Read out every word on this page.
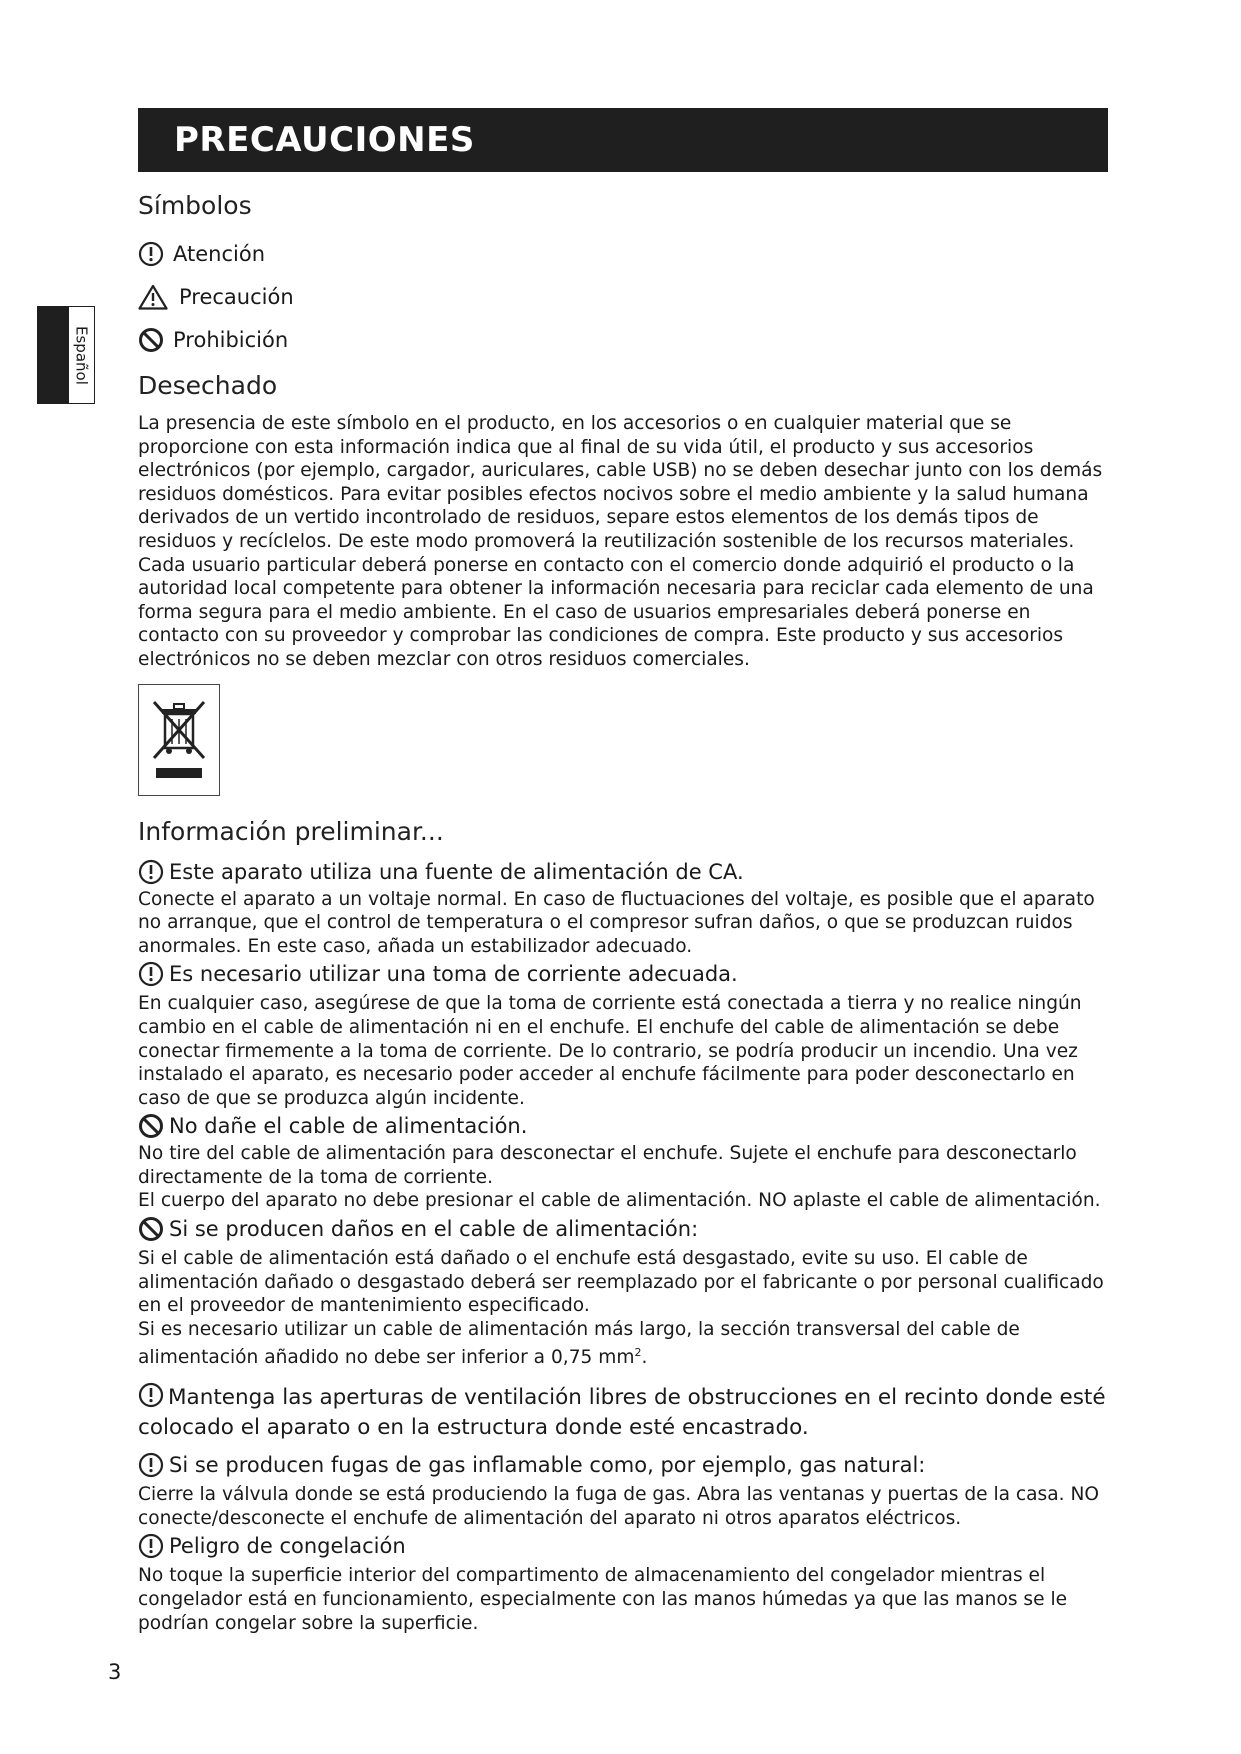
PRECAUCIONES
Español
Símbolos
Atención
Precaución
Prohibición
Desechado

La presencia de este símbolo en el producto, en los accesorios o en cualquier material que se proporcione con esta información indica que al final de su vida útil, el producto y sus accesorios electrónicos (por ejemplo, cargador, auriculares, cable USB) no se deben desechar junto con los demás residuos domésticos. Para evitar posibles efectos nocivos sobre el medio ambiente y la salud humana derivados de un vertido incontrolado de residuos, separe estos elementos de los demás tipos de residuos y recíclelos. De este modo promoverá la reutilización sostenible de los recursos materiales.

Cada usuario particular deberá ponerse en contacto con el comercio donde adquirió el producto o la autoridad local competente para obtener la información necesaria para reciclar cada elemento de una forma segura para el medio ambiente. En el caso de usuarios empresariales deberá ponerse en contacto con su proveedor y comprobar las condiciones de compra. Este producto y sus accesorios electrónicos no se deben mezclar con otros residuos comerciales.

Información preliminar...
Este aparato utiliza una fuente de alimentación de CA.

Conecte el aparato a un voltaje normal. En caso de fluctuaciones del voltaje, es posible que el aparato no arranque, que el control de temperatura o el compresor sufran daños, o que se produzcan ruidos anormales. En este caso, añada un estabilizador adecuado.

Es necesario utilizar una toma de corriente adecuada.

En cualquier caso, asegúrese de que la toma de corriente está conectada a tierra y no realice ningún cambio en el cable de alimentación ni en el enchufe. El enchufe del cable de alimentación se debe conectar firmemente a la toma de corriente. De lo contrario, se podría producir un incendio. Una vez instalado el aparato, es necesario poder acceder al enchufe fácilmente para poder desconectarlo en caso de que se produzca algún incidente.

No dañe el cable de alimentación.

No tire del cable de alimentación para desconectar el enchufe. Sujete el enchufe para desconectarlo directamente de la toma de corriente.

El cuerpo del aparato no debe presionar el cable de alimentación. NO aplaste el cable de alimentación.

Si se producen daños en el cable de alimentación:

Si el cable de alimentación está dañado o el enchufe está desgastado, evite su uso. El cable de alimentación dañado o desgastado deberá ser reemplazado por el fabricante o por personal cualificado en el proveedor de mantenimiento especificado.

Si es necesario utilizar un cable de alimentación más largo, la sección transversal del cable de alimentación añadido no debe ser inferior a 0,75 $mm^2$.

Mantenga las aperturas de ventilación libres de obstrucciones en el recinto donde esté colocado el aparato o en la estructura donde esté encastrado.
Si se producen fugas de gas inflamable como, por ejemplo, gas natural:

Cierre la válvula donde se está produciendo la fuga de gas. Abra las ventanas y puertas de la casa. NO conecte/desconecte el enchufe de alimentación del aparato ni otros aparatos eléctricos.

Peligro de congelación

No toque la superficie interior del compartimento de almacenamiento del congelador mientras el congelador está en funcionamiento, especialmente con las manos húmedas ya que las manos se le podrían congelar sobre la superficie.

3
